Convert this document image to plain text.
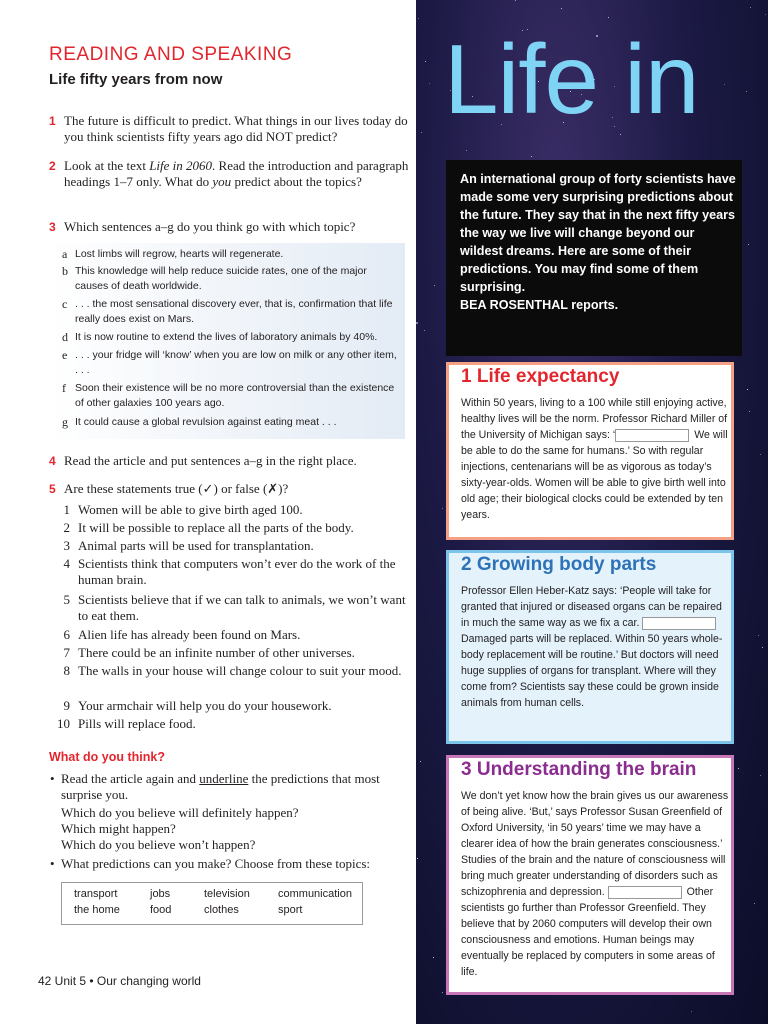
READING AND SPEAKING
Life fifty years from now
1 The future is difficult to predict. What things in our lives today do you think scientists fifty years ago did NOT predict?
2 Look at the text Life in 2060. Read the introduction and paragraph headings 1–7 only. What do you predict about the topics?
3 Which sentences a–g do you think go with which topic?
a Lost limbs will regrow, hearts will regenerate.
b This knowledge will help reduce suicide rates, one of the major causes of death worldwide.
c . . . the most sensational discovery ever, that is, confirmation that life really does exist on Mars.
d It is now routine to extend the lives of laboratory animals by 40%.
e . . . your fridge will ‘know’ when you are low on milk or any other item, . . .
f Soon their existence will be no more controversial than the existence of other galaxies 100 years ago.
g It could cause a global revulsion against eating meat . . .
4 Read the article and put sentences a–g in the right place.
5 Are these statements true (✓) or false (✗)?
1 Women will be able to give birth aged 100.
2 It will be possible to replace all the parts of the body.
3 Animal parts will be used for transplantation.
4 Scientists think that computers won’t ever do the work of the human brain.
5 Scientists believe that if we can talk to animals, we won’t want to eat them.
6 Alien life has already been found on Mars.
7 There could be an infinite number of other universes.
8 The walls in your house will change colour to suit your mood.
9 Your armchair will help you do your housework.
10 Pills will replace food.
What do you think?
• Read the article again and underline the predictions that most surprise you.
Which do you believe will definitely happen?
Which might happen?
Which do you believe won’t happen?
• What predictions can you make? Choose from these topics:
transport	jobs	television	communication
the home	food	clothes	sport
42 Unit 5 • Our changing world
Life in
An international group of forty scientists have made some very surprising predictions about the future. They say that in the next fifty years the way we live will change beyond our wildest dreams. Here are some of their predictions. You may find some of them surprising.
BEA ROSENTHAL reports.
1 Life expectancy

Within 50 years, living to a 100 while still enjoying active, healthy lives will be the norm. Professor Richard Miller of the University of Michigan says: ‘	We will be able to do the same for humans.’ So with regular injections, centenarians will be as vigorous as today’s sixty-year-olds. Women will be able to give birth well into old age; their biological clocks could be extended by ten years.

2 Growing body parts

Professor Ellen Heber-Katz says: ‘People will take for granted that injured or diseased organs can be repaired in much the same way as we fix a car.  Damaged parts will be replaced. Within 50 years whole-body replacement will be routine.’ But doctors will need huge supplies of organs for transplant. Where will they come from? Scientists say these could be grown inside animals from human cells.

3 Understanding the brain

We don’t yet know how the brain gives us our awareness of being alive. ‘But,’ says Professor Susan Greenfield of Oxford University, ‘in 50 years’ time we may have a clearer idea of how the brain generates consciousness.’ Studies of the brain and the nature of consciousness will bring much greater understanding of disorders such as schizophrenia and depression.	Other scientists go further than Professor Greenfield. They believe that by 2060 computers will develop their own consciousness and emotions. Human beings may eventually be replaced by computers in some areas of life.
